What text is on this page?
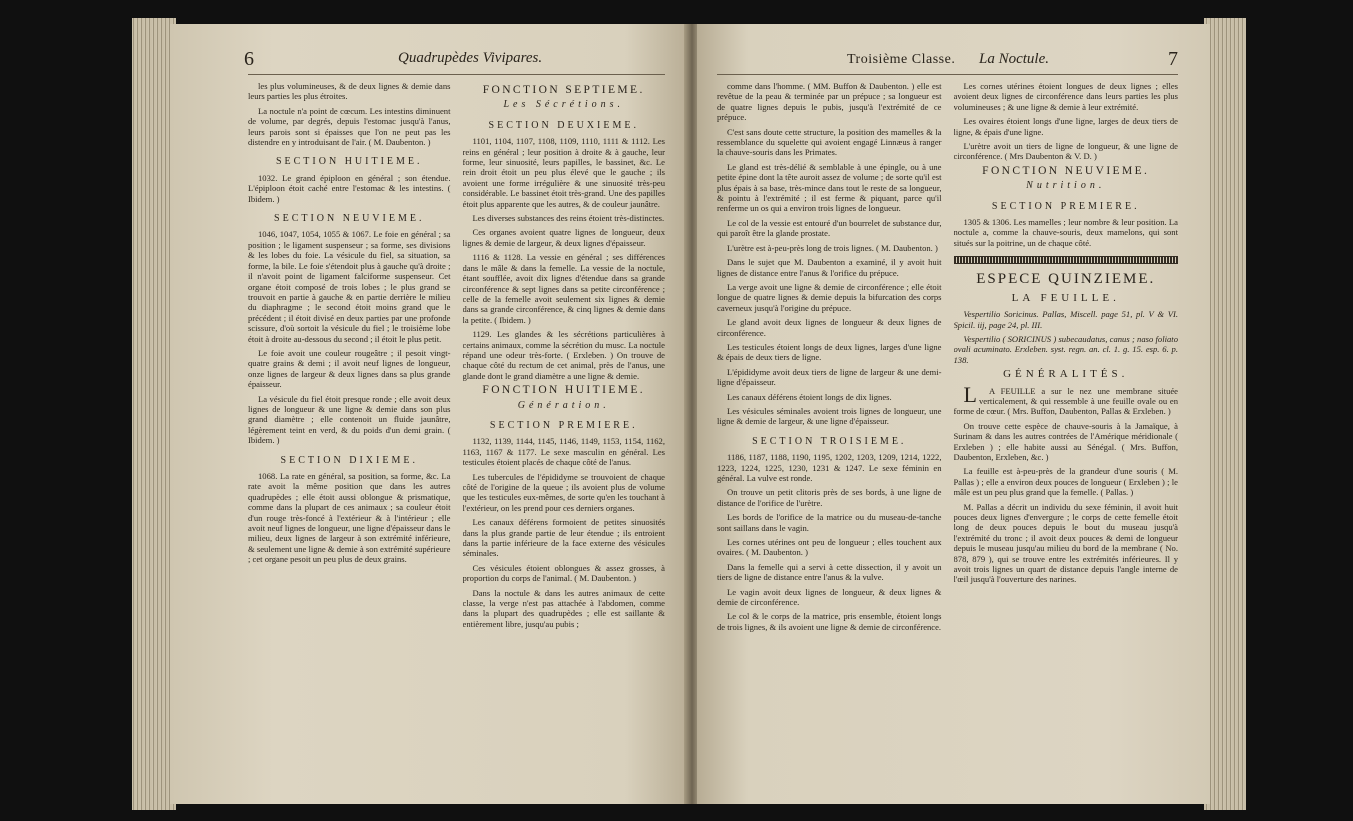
6	Quadrupèdes Vivipares.

les plus volumineuses, & de deux lignes & demie dans leurs parties les plus étroites.

La noctule n'a point de cœcum. Les intestins diminuent de volume, par degrés, depuis l'estomac jusqu'à l'anus, leurs parois sont si épaisses que l'on ne peut pas les distendre en y introduisant de l'air. ( M. Daubenton. )

SECTION HUITIEME.

1032. Le grand épiploon en général ; son étendue. L'épiploon étoit caché entre l'estomac & les intestins. ( Ibidem. )

SECTION NEUVIEME.

1046, 1047, 1054, 1055 & 1067. Le foie en général ; sa position ; le ligament suspenseur ; sa forme, ses divisions & les lobes du foie. La vésicule du fiel, sa situation, sa forme, la bile. Le foie s'étendoit plus à gauche qu'à droite ; il n'avoit point de ligament falciforme suspenseur. Cet organe étoit composé de trois lobes ; le plus grand se trouvoit en partie à gauche & en partie derrière le milieu du diaphragme ; le second étoit moins grand que le précédent ; il étoit divisé en deux parties par une profonde scissure, d'où sortoit la vésicule du fiel ; le troisième lobe étoit à droite au-dessous du second ; il étoit le plus petit.

Le foie avoit une couleur rougeâtre ; il pesoit vingt-quatre grains & demi ; il avoit neuf lignes de longueur, onze lignes de largeur & deux lignes dans sa plus grande épaisseur.

La vésicule du fiel étoit presque ronde ; elle avoit deux lignes de longueur & une ligne & demie dans son plus grand diamètre ; elle contenoit un fluide jaunâtre, légèrement teint en verd, & du poids d'un demi grain. ( Ibidem. )

SECTION DIXIEME.

1068. La rate en général, sa position, sa forme, &c. La rate avoit la même position que dans les autres quadrupèdes ; elle étoit aussi oblongue & prismatique, comme dans la plupart de ces animaux ; sa couleur étoit d'un rouge très-foncé à l'extérieur & à l'intérieur ; elle avoit neuf lignes de longueur, une ligne d'épaisseur dans le milieu, deux lignes de largeur à son extrémité inférieure, & seulement une ligne & demie à son extrémité supérieure ; cet organe pesoit un peu plus de deux grains.

FONCTION SEPTIEME.
Les Sécrétions.
SECTION DEUXIEME.

1101, 1104, 1107, 1108, 1109, 1110, 1111 & 1112. Les reins en général ; leur position à droite & à gauche, leur forme, leur sinuosité, leurs papilles, le bassinet, &c. Le rein droit étoit un peu plus élevé que le gauche ; ils avoient une forme irrégulière & une sinuosité très-peu considérable. Le bassinet étoit très-grand. Une des papilles étoit plus apparente que les autres, & de couleur jaunâtre.

Les diverses substances des reins étoient très-distinctes.

Ces organes avoient quatre lignes de longueur, deux lignes & demie de largeur, & deux lignes d'épaisseur.

1116 & 1128. La vessie en général ; ses différences dans le mâle & dans la femelle. La vessie de la noctule, étant soufflée, avoit dix lignes d'étendue dans sa grande circonférence & sept lignes dans sa petite circonférence ; celle de la femelle avoit seulement six lignes & demie dans sa grande circonférence, & cinq lignes & demie dans la petite. ( Ibidem. )

1129. Les glandes & les sécrétions particulières à certains animaux, comme la sécrétion du musc. La noctule répand une odeur très-forte. ( Erxleben. ) On trouve de chaque côté du rectum de cet animal, près de l'anus, une glande dont le grand diamètre a une ligne & demie.

FONCTION HUITIEME.
Génération.
SECTION PREMIERE.

1132, 1139, 1144, 1145, 1146, 1149, 1153, 1154, 1162, 1163, 1167 & 1177. Le sexe masculin en général. Les testicules étoient placés de chaque côté de l'anus.

Les tubercules de l'épididyme se trouvoient de chaque côté de l'origine de la queue ; ils avoient plus de volume que les testicules eux-mêmes, de sorte qu'en les touchant à l'extérieur, on les prend pour ces derniers organes.

Les canaux déférens formoient de petites sinuosités dans la plus grande partie de leur étendue ; ils entroient dans la partie inférieure de la face externe des vésicules séminales.

Ces vésicules étoient oblongues & assez grosses, à proportion du corps de l'animal. ( M. Daubenton. )

Dans la noctule & dans les autres animaux de cette classe, la verge n'est pas attachée à l'abdomen, comme dans la plupart des quadrupèdes ; elle est saillante & entièrement libre, jusqu'au pubis ;

Troisième Classe. La Noctule.	7

comme dans l'homme. ( MM. Buffon & Daubenton. ) elle est revêtue de la peau & terminée par un prépuce ; sa longueur est de quatre lignes depuis le pubis, jusqu'à l'extrémité de ce prépuce.

C'est sans doute cette structure, la position des mamelles & la ressemblance du squelette qui avoient engagé Linnæus à ranger la chauve-souris dans les Primates.

Le gland est très-délié & semblable à une épingle, ou à une petite épine dont la tête auroit assez de volume ; de sorte qu'il est plus épais à sa base, très-mince dans tout le reste de sa longueur, & pointu à l'extrémité ; il est ferme & piquant, parce qu'il renferme un os qui a environ trois lignes de longueur.

Le col de la vessie est entouré d'un bourrelet de substance dur, qui paroît être la glande prostate.

L'urètre est à-peu-près long de trois lignes. ( M. Daubenton. )

Dans le sujet que M. Daubenton a examiné, il y avoit huit lignes de distance entre l'anus & l'orifice du prépuce.

La verge avoit une ligne & demie de circonférence ; elle étoit longue de quatre lignes & demie depuis la bifurcation des corps caverneux jusqu'à l'origine du prépuce.

Le gland avoit deux lignes de longueur & deux lignes de circonférence.

Les testicules étoient longs de deux lignes, larges d'une ligne & épais de deux tiers de ligne.

L'épididyme avoit deux tiers de ligne de largeur & une demi-ligne d'épaisseur.

Les canaux déférens étoient longs de dix lignes.

Les vésicules séminales avoient trois lignes de longueur, une ligne & demie de largeur, & une ligne d'épaisseur.

SECTION TROISIEME.

1186, 1187, 1188, 1190, 1195, 1202, 1203, 1209, 1214, 1222, 1223, 1224, 1225, 1230, 1231 & 1247. Le sexe féminin en général. La vulve est ronde.

On trouve un petit clitoris près de ses bords, à une ligne de distance de l'orifice de l'urètre.

Les bords de l'orifice de la matrice ou du museau-de-tanche sont saillans dans le vagin.

Les cornes utérines ont peu de longueur ; elles touchent aux ovaires. ( M. Daubenton. )

Dans la femelle qui a servi à cette dissection, il y avoit un tiers de ligne de distance entre l'anus & la vulve.

Le vagin avoit deux lignes de longueur, & deux lignes & demie de circonférence.

Le col & le corps de la matrice, pris ensemble, étoient longs de trois lignes, & ils avoient une ligne & demie de circonférence.

Les cornes utérines étoient longues de deux lignes ; elles avoient deux lignes de circonférence dans leurs parties les plus volumineuses ; & une ligne & demie à leur extrémité.

Les ovaires étoient longs d'une ligne, larges de deux tiers de ligne, & épais d'une ligne.

L'urètre avoit un tiers de ligne de longueur, & une ligne de circonférence. ( Mrs Daubenton & V. D. )

FONCTION NEUVIEME.
Nutrition.
SECTION PREMIERE.

1305 & 1306. Les mamelles ; leur nombre & leur position. La noctule a, comme la chauve-souris, deux mamelons, qui sont situés sur la poitrine, un de chaque côté.

ESPECE QUINZIEME.
LA FEUILLE.

Vespertilio Soricinus. Pallas, Miscell. page 51, pl. V & VI. Spicil. iij, page 24, pl. III.

Vespertilio ( SORICINUS ) subecaudatus, canus ; naso foliato ovali acuminato. Erxleben. syst. regn. an. cl. 1. g. 15. esp. 6. p. 138.

GÉNÉRALITÉS.

L A FEUILLE a sur le nez une membrane située verticalement, & qui ressemble à une feuille ovale ou en forme de cœur. ( Mrs. Buffon, Daubenton, Pallas & Erxleben. )

On trouve cette espèce de chauve-souris à la Jamaïque, à Surinam & dans les autres contrées de l'Amérique méridionale ( Erxleben ) ; elle habite aussi au Sénégal. ( Mrs. Buffon, Daubenton, Erxleben, &c. )

La feuille est à-peu-près de la grandeur d'une souris ( M. Pallas ) ; elle a environ deux pouces de longueur ( Erxleben ) ; le mâle est un peu plus grand que la femelle. ( Pallas. )

M. Pallas a décrit un individu du sexe féminin, il avoit huit pouces deux lignes d'envergure ; le corps de cette femelle étoit long de deux pouces depuis le bout du museau jusqu'à l'extrémité du tronc ; il avoit deux pouces & demi de longueur depuis le museau jusqu'au milieu du bord de la membrane ( No. 878, 879 ), qui se trouve entre les extrémités inférieures. Il y avoit trois lignes un quart de distance depuis l'angle interne de l'œil jusqu'à l'ouverture des narines.
